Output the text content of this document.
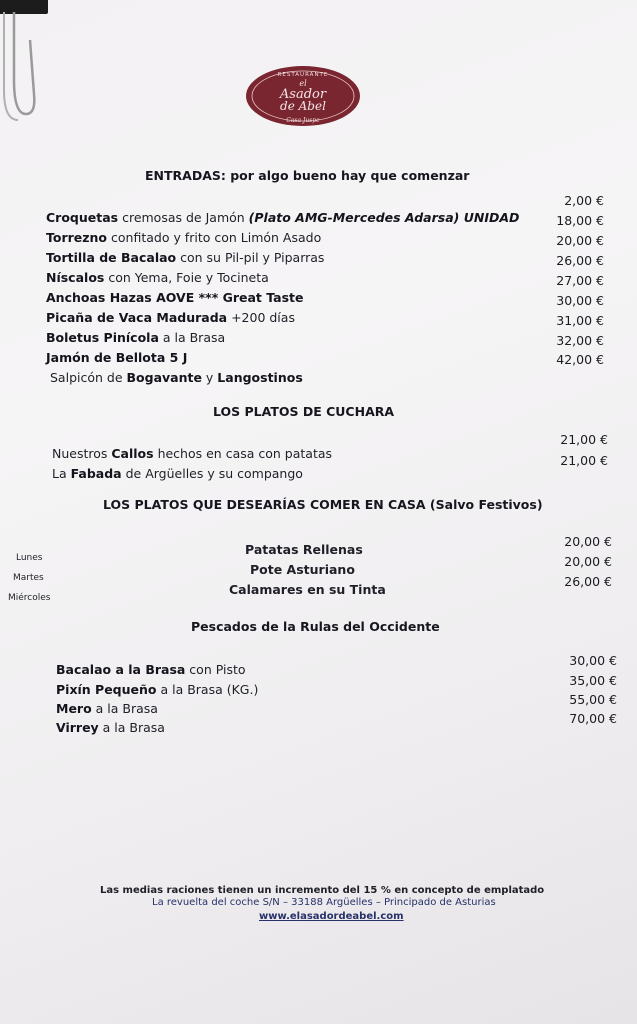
RESTAURANTE
el
Asador
de Abel
Casa Juspe
ENTRADAS: por algo bueno hay que comenzar
Croquetas cremosas de Jamón (Plato AMG-Mercedes Adarsa) UNIDAD
Torrezno confitado y frito con Limón Asado
Tortilla de Bacalao con su Pil-pil y Piparras
Níscalos con Yema, Foie y Tocineta
Anchoas Hazas AOVE *** Great Taste
Picaña de Vaca Madurada +200 días
Boletus Pinícola a la Brasa
Jamón de Bellota 5 J
Salpicón de Bogavante y Langostinos
2,00 €
18,00 €
20,00 €
26,00 €
27,00 €
30,00 €
31,00 €
32,00 €
42,00 €
LOS PLATOS DE CUCHARA
Nuestros Callos hechos en casa con patatas
La Fabada de Argüelles y su compango
21,00 €
21,00 €
LOS PLATOS QUE DESEARÍAS COMER EN CASA (Salvo Festivos)
Lunes
Martes
Miércoles
Patatas Rellenas
Pote Asturiano
Calamares en su Tinta
20,00 €
20,00 €
26,00 €
Pescados de la Rulas del Occidente
Bacalao a la Brasa con Pisto
Pixín Pequeño a la Brasa (KG.)
Mero a la Brasa
Virrey a la Brasa
30,00 €
35,00 €
55,00 €
70,00 €
Las medias raciones tienen un incremento del 15 % en concepto de emplatado
La revuelta del coche S/N – 33188 Argüelles – Principado de Asturias
www.elasadordeabel.com
